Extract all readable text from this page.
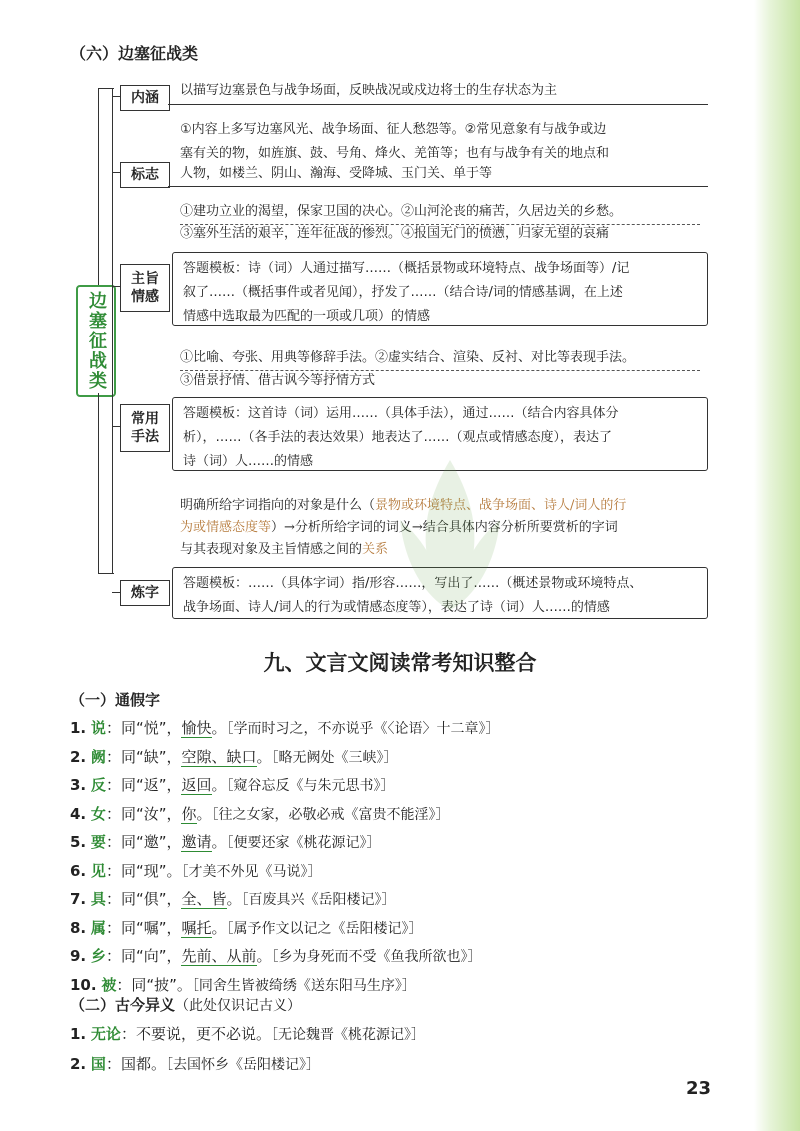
（六）边塞征战类
边塞征战类
内涵	以描写边塞景色与战争场面，反映战况或戍边将士的生存状态为主
标志
①内容上多写边塞风光、战争场面、征人愁怨等。②常见意象有与战争或边
塞有关的物，如旌旗、鼓、号角、烽火、羌笛等；也有与战争有关的地点和
人物，如楼兰、阴山、瀚海、受降城、玉门关、单于等
主旨
情感
①建功立业的渴望，保家卫国的决心。②山河沦丧的痛苦，久居边关的乡愁。
③塞外生活的艰辛，连年征战的惨烈。④报国无门的愤懑，归家无望的哀痛
答题模板：诗（词）人通过描写……（概括景物或环境特点、战争场面等）/记
叙了……（概括事件或者见闻），抒发了……（结合诗/词的情感基调，在上述
情感中选取最为匹配的一项或几项）的情感
常用
手法
①比喻、夸张、用典等修辞手法。②虚实结合、渲染、反衬、对比等表现手法。
③借景抒情、借古讽今等抒情方式
答题模板：这首诗（词）运用……（具体手法），通过……（结合内容具体分
析），……（各手法的表达效果）地表达了……（观点或情感态度），表达了
诗（词）人……的情感
炼字
明确所给字词指向的对象是什么（景物或环境特点、战争场面、诗人/词人的行
为或情感态度等）→分析所给字词的词义→结合具体内容分析所要赏析的字词
与其表现对象及主旨情感之间的关系
答题模板：……（具体字词）指/形容……，写出了……（概述景物或环境特点、
战争场面、诗人/词人的行为或情感态度等），表达了诗（词）人……的情感
九、文言文阅读常考知识整合
（一）通假字
1. 说：同“悦”，愉快。［学而时习之，不亦说乎《〈论语〉十二章》］
2. 阙：同“缺”，空隙、缺口。［略无阙处《三峡》］
3. 反：同“返”，返回。［窥谷忘反《与朱元思书》］
4. 女：同“汝”，你。［往之女家，必敬必戒《富贵不能淫》］
5. 要：同“邀”，邀请。［便要还家《桃花源记》］
6. 见：同“现”。［才美不外见《马说》］
7. 具：同“俱”，全、皆。［百废具兴《岳阳楼记》］
8. 属：同“嘱”，嘱托。［属予作文以记之《岳阳楼记》］
9. 乡：同“向”，先前、从前。［乡为身死而不受《鱼我所欲也》］
10. 被：同“披”。［同舍生皆被绮绣《送东阳马生序》］
（二）古今异义（此处仅识记古义）
1. 无论：不要说，更不必说。［无论魏晋《桃花源记》］
2. 国：国都。［去国怀乡《岳阳楼记》］
23
